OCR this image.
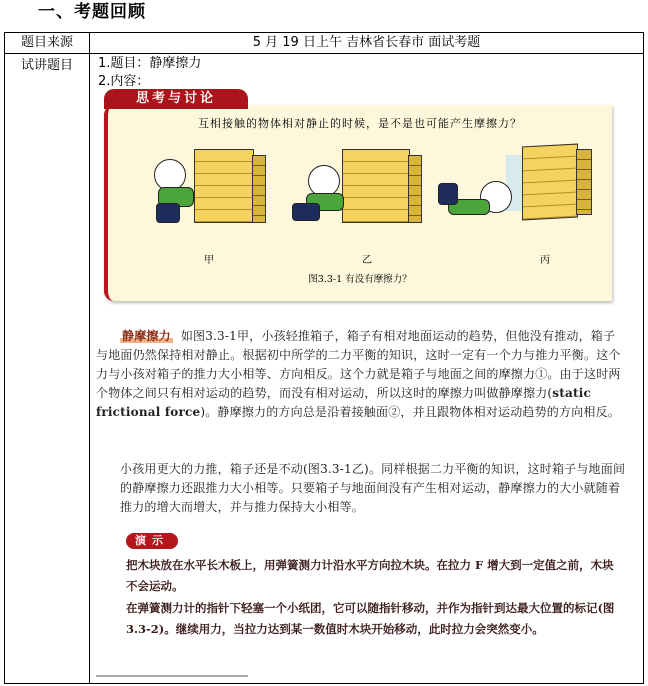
一、考题回顾
题目来源	5 月 19 日上午 吉林省长春市 面试考题
试讲题目	1.题目：静摩擦力
2.内容：
思考与讨论
互相接触的物体相对静止的时候，是不是也可能产生摩擦力？
甲	乙	丙
图3.3-1 有没有摩擦力？
静摩擦力 如图3.3-1甲，小孩轻推箱子，箱子有相对地面运动的趋势，但他没有推动，箱子与地面仍然保持相对静止。根据初中所学的二力平衡的知识，这时一定有一个力与推力平衡。这个力与小孩对箱子的推力大小相等、方向相反。这个力就是箱子与地面之间的摩擦力①。由于这时两个物体之间只有相对运动的趋势，而没有相对运动，所以这时的摩擦力叫做静摩擦力(static frictional force)。静摩擦力的方向总是沿着接触面②，并且跟物体相对运动趋势的方向相反。
小孩用更大的力推，箱子还是不动(图3.3-1乙)。同样根据二力平衡的知识，这时箱子与地面间的静摩擦力还跟推力大小相等。只要箱子与地面间没有产生相对运动，静摩擦力的大小就随着推力的增大而增大，并与推力保持大小相等。
演示
把木块放在水平长木板上，用弹簧测力计沿水平方向拉木块。在拉力 F 增大到一定值之前，木块不会运动。
在弹簧测力计的指针下轻塞一个小纸团，它可以随指针移动，并作为指针到达最大位置的标记(图3.3-2)。继续用力，当拉力达到某一数值时木块开始移动，此时拉力会突然变小。
